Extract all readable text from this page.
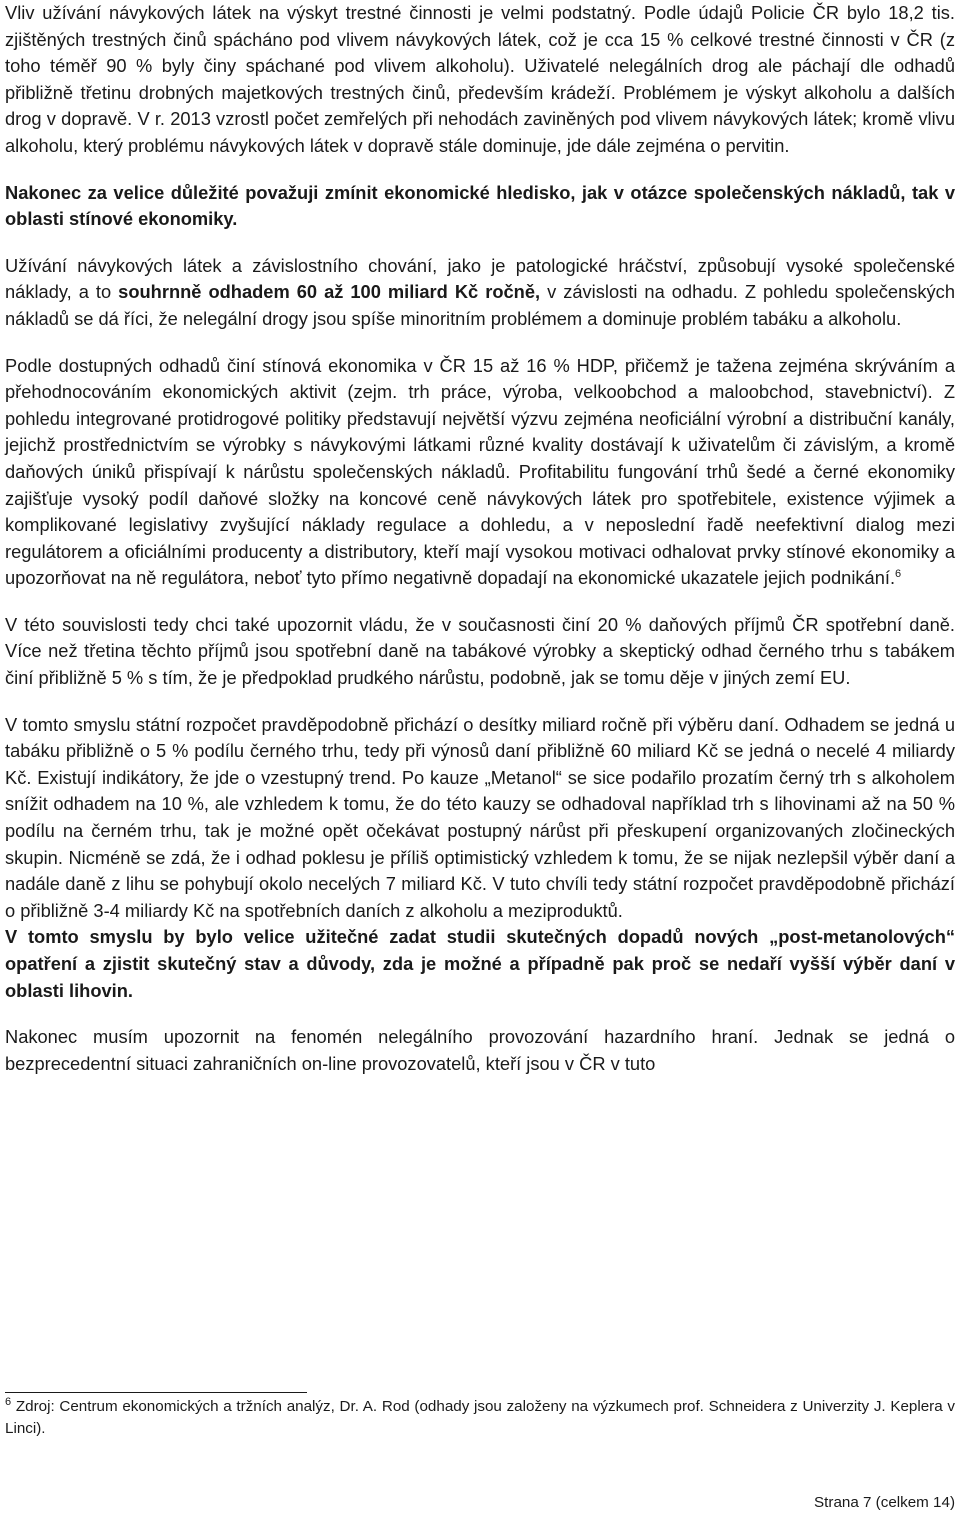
Vliv užívání návykových látek na výskyt trestné činnosti je velmi podstatný. Podle údajů Policie ČR bylo 18,2 tis. zjištěných trestných činů spácháno pod vlivem návykových látek, což je cca 15 % celkové trestné činnosti v ČR (z toho téměř 90 % byly činy spáchané pod vlivem alkoholu). Uživatelé nelegálních drog ale páchají dle odhadů přibližně třetinu drobných majetkových trestných činů, především krádeží. Problémem je výskyt alkoholu a dalších drog v dopravě. V r. 2013 vzrostl počet zemřelých při nehodách zaviněných pod vlivem návykových látek; kromě vlivu alkoholu, který problému návykových látek v dopravě stále dominuje, jde dále zejména o pervitin.

Nakonec za velice důležité považuji zmínit ekonomické hledisko, jak v otázce společenských nákladů, tak v oblasti stínové ekonomiky.

Užívání návykových látek a závislostního chování, jako je patologické hráčství, způsobují vysoké společenské náklady, a to souhrnně odhadem 60 až 100 miliard Kč ročně, v závislosti na odhadu. Z pohledu společenských nákladů se dá říci, že nelegální drogy jsou spíše minoritním problémem a dominuje problém tabáku a alkoholu.

Podle dostupných odhadů činí stínová ekonomika v ČR 15 až 16 % HDP, přičemž je tažena zejména skrýváním a přehodnocováním ekonomických aktivit (zejm. trh práce, výroba, velkoobchod a maloobchod, stavebnictví). Z pohledu integrované protidrogové politiky představují největší výzvu zejména neoficiální výrobní a distribuční kanály, jejichž prostřednictvím se výrobky s návykovými látkami různé kvality dostávají k uživatelům či závislým, a kromě daňových úniků přispívají k nárůstu společenských nákladů. Profitabilitu fungování trhů šedé a černé ekonomiky zajišťuje vysoký podíl daňové složky na koncové ceně návykových látek pro spotřebitele, existence výjimek a komplikované legislativy zvyšující náklady regulace a dohledu, a v neposlední řadě neefektivní dialog mezi regulátorem a oficiálními producenty a distributory, kteří mají vysokou motivaci odhalovat prvky stínové ekonomiky a upozorňovat na ně regulátora, neboť tyto přímo negativně dopadají na ekonomické ukazatele jejich podnikání.$^6$

V této souvislosti tedy chci také upozornit vládu, že v současnosti činí 20 % daňových příjmů ČR spotřební daně. Více než třetina těchto příjmů jsou spotřební daně na tabákové výrobky a skeptický odhad černého trhu s tabákem činí přibližně 5 % s tím, že je předpoklad prudkého nárůstu, podobně, jak se tomu děje v jiných zemí EU.

V tomto smyslu státní rozpočet pravděpodobně přichází o desítky miliard ročně při výběru daní. Odhadem se jedná u tabáku přibližně o 5 % podílu černého trhu, tedy při výnosů daní přibližně 60 miliard Kč se jedná o necelé 4 miliardy Kč. Existují indikátory, že jde o vzestupný trend. Po kauze „Metanol“ se sice podařilo prozatím černý trh s alkoholem snížit odhadem na 10 %, ale vzhledem k tomu, že do této kauzy se odhadoval například trh s lihovinami až na 50 % podílu na černém trhu, tak je možné opět očekávat postupný nárůst při přeskupení organizovaných zločineckých skupin. Nicméně se zdá, že i odhad poklesu je příliš optimistický vzhledem k tomu, že se nijak nezlepšil výběr daní a nadále daně z lihu se pohybují okolo necelých 7 miliard Kč. V tuto chvíli tedy státní rozpočet pravděpodobně přichází o přibližně 3-4 miliardy Kč na spotřebních daních z alkoholu a meziproduktů.

V tomto smyslu by bylo velice užitečné zadat studii skutečných dopadů nových „post-metanolových“ opatření a zjistit skutečný stav a důvody, zda je možné a případně pak proč se nedaří vyšší výběr daní v oblasti lihovin.

Nakonec musím upozornit na fenomén nelegálního provozování hazardního hraní. Jednak se jedná o bezprecedentní situaci zahraničních on-line provozovatelů, kteří jsou v ČR v tuto

$^6$ Zdroj: Centrum ekonomických a tržních analýz, Dr. A. Rod (odhady jsou založeny na výzkumech prof. Schneidera z Univerzity J. Keplera v Linci).
Strana 7 (celkem 14)
